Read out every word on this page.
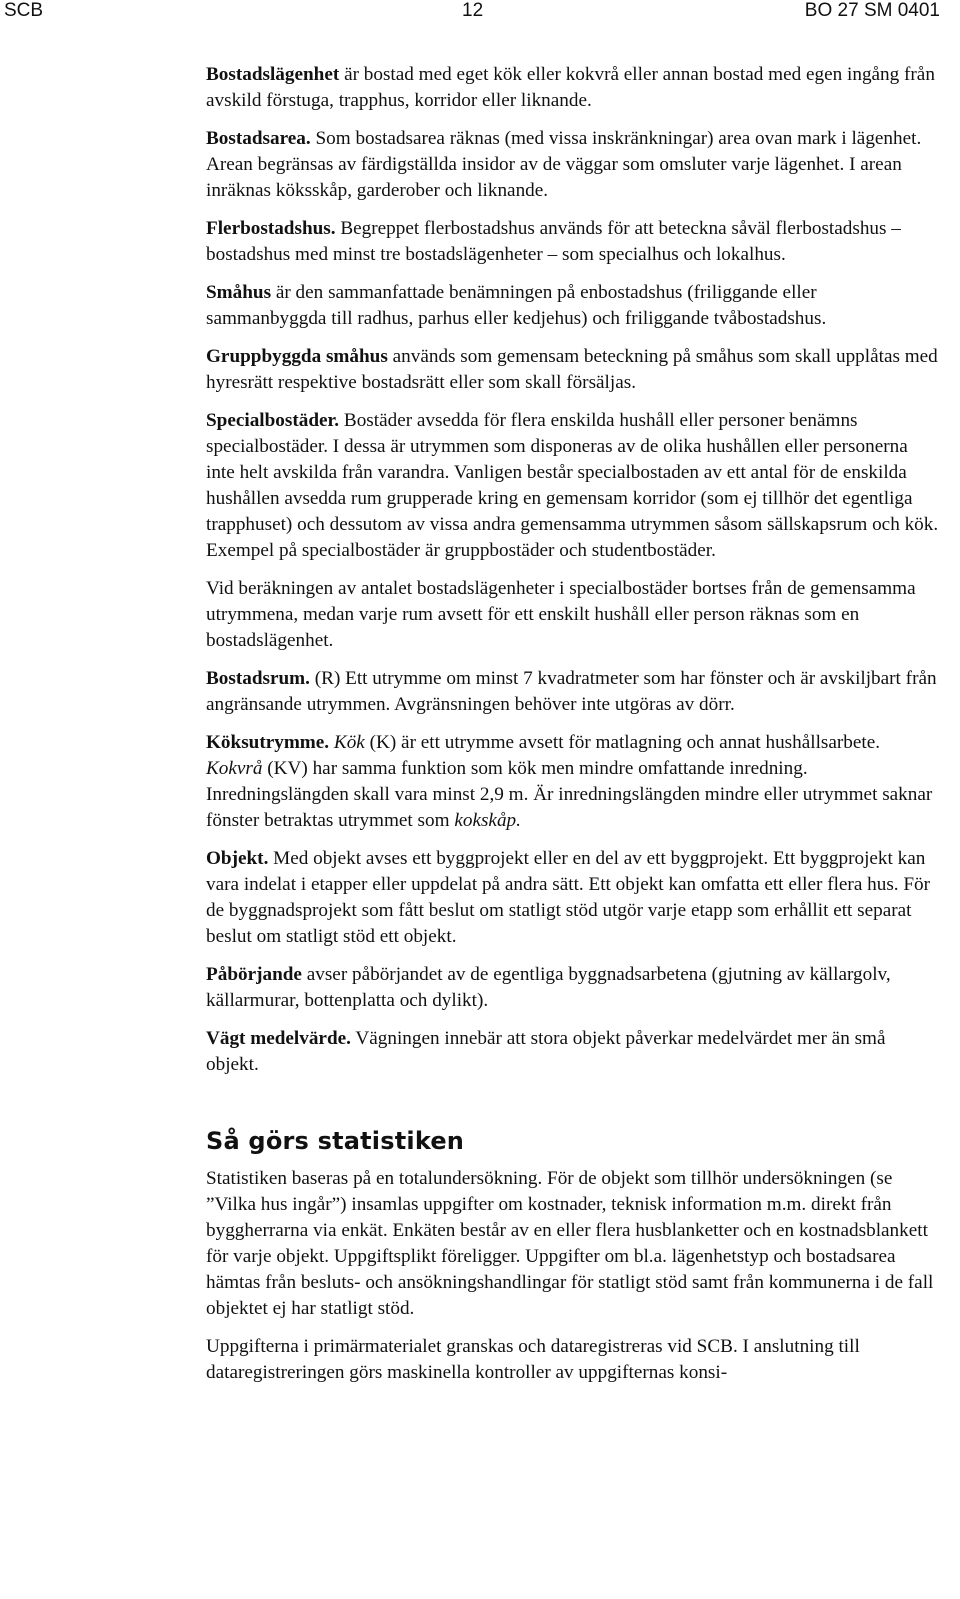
SCB	12	BO 27 SM 0401

Bostadslägenhet är bostad med eget kök eller kokvrå eller annan bostad med egen ingång från avskild förstuga, trapphus, korridor eller liknande.

Bostadsarea. Som bostadsarea räknas (med vissa inskränkningar) area ovan mark i lägenhet. Arean begränsas av färdigställda insidor av de väggar som omsluter varje lägenhet. I arean inräknas köksskåp, garderober och liknande.

Flerbostadshus. Begreppet flerbostadshus används för att beteckna såväl flerbostadshus – bostadshus med minst tre bostadslägenheter – som specialhus och lokalhus.

Småhus är den sammanfattade benämningen på enbostadshus (friliggande eller sammanbyggda till radhus, parhus eller kedjehus) och friliggande tvåbostadshus.

Gruppbyggda småhus används som gemensam beteckning på småhus som skall upplåtas med hyresrätt respektive bostadsrätt eller som skall försäljas.

Specialbostäder. Bostäder avsedda för flera enskilda hushåll eller personer benämns specialbostäder. I dessa är utrymmen som disponeras av de olika hushållen eller personerna inte helt avskilda från varandra. Vanligen består specialbostaden av ett antal för de enskilda hushållen avsedda rum grupperade kring en gemensam korridor (som ej tillhör det egentliga trapphuset) och dessutom av vissa andra gemensamma utrymmen såsom sällskapsrum och kök. Exempel på specialbostäder är gruppbostäder och studentbostäder.

Vid beräkningen av antalet bostadslägenheter i specialbostäder bortses från de gemensamma utrymmena, medan varje rum avsett för ett enskilt hushåll eller person räknas som en bostadslägenhet.

Bostadsrum. (R) Ett utrymme om minst 7 kvadratmeter som har fönster och är avskiljbart från angränsande utrymmen. Avgränsningen behöver inte utgöras av dörr.

Köksutrymme. Kök (K) är ett utrymme avsett för matlagning och annat hushållsarbete. Kokvrå (KV) har samma funktion som kök men mindre omfattande inredning. Inredningslängden skall vara minst 2,9 m. Är inredningslängden mindre eller utrymmet saknar fönster betraktas utrymmet som kokskåp.

Objekt. Med objekt avses ett byggprojekt eller en del av ett byggprojekt. Ett byggprojekt kan vara indelat i etapper eller uppdelat på andra sätt. Ett objekt kan omfatta ett eller flera hus. För de byggnadsprojekt som fått beslut om statligt stöd utgör varje etapp som erhållit ett separat beslut om statligt stöd ett objekt.

Påbörjande avser påbörjandet av de egentliga byggnadsarbetena (gjutning av källargolv, källarmurar, bottenplatta och dylikt).

Vägt medelvärde. Vägningen innebär att stora objekt påverkar medelvärdet mer än små objekt.

Så görs statistiken

Statistiken baseras på en totalundersökning. För de objekt som tillhör undersökningen (se ”Vilka hus ingår”) insamlas uppgifter om kostnader, teknisk information m.m. direkt från byggherrarna via enkät. Enkäten består av en eller flera husblanketter och en kostnadsblankett för varje objekt. Uppgiftsplikt föreligger. Uppgifter om bl.a. lägenhetstyp och bostadsarea hämtas från besluts- och ansökningshandlingar för statligt stöd samt från kommunerna i de fall objektet ej har statligt stöd.

Uppgifterna i primärmaterialet granskas och dataregistreras vid SCB. I anslutning till dataregistreringen görs maskinella kontroller av uppgifternas konsi-
